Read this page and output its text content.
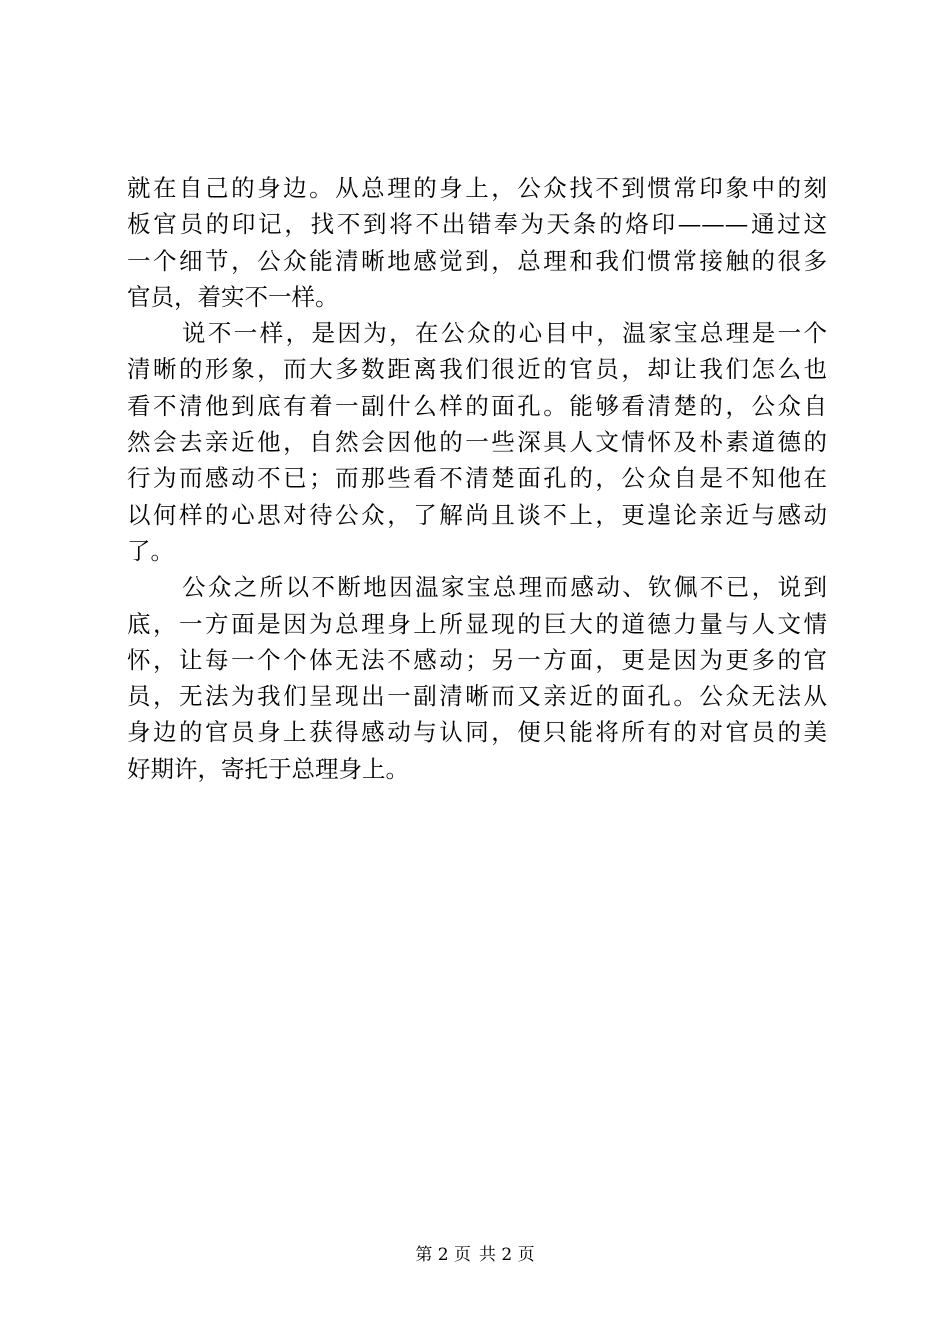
就在自己的身边。从总理的身上，公众找不到惯常印象中的刻
板官员的印记，找不到将不出错奉为天条的烙印———通过这
一个细节，公众能清晰地感觉到，总理和我们惯常接触的很多
官员，着实不一样。
说不一样，是因为，在公众的心目中，温家宝总理是一个
清晰的形象，而大多数距离我们很近的官员，却让我们怎么也
看不清他到底有着一副什么样的面孔。能够看清楚的，公众自
然会去亲近他，自然会因他的一些深具人文情怀及朴素道德的
行为而感动不已；而那些看不清楚面孔的，公众自是不知他在
以何样的心思对待公众，了解尚且谈不上，更遑论亲近与感动
了。
公众之所以不断地因温家宝总理而感动、钦佩不已，说到
底，一方面是因为总理身上所显现的巨大的道德力量与人文情
怀，让每一个个体无法不感动；另一方面，更是因为更多的官
员，无法为我们呈现出一副清晰而又亲近的面孔。公众无法从
身边的官员身上获得感动与认同，便只能将所有的对官员的美
好期许，寄托于总理身上。
第 2 页 共 2 页
